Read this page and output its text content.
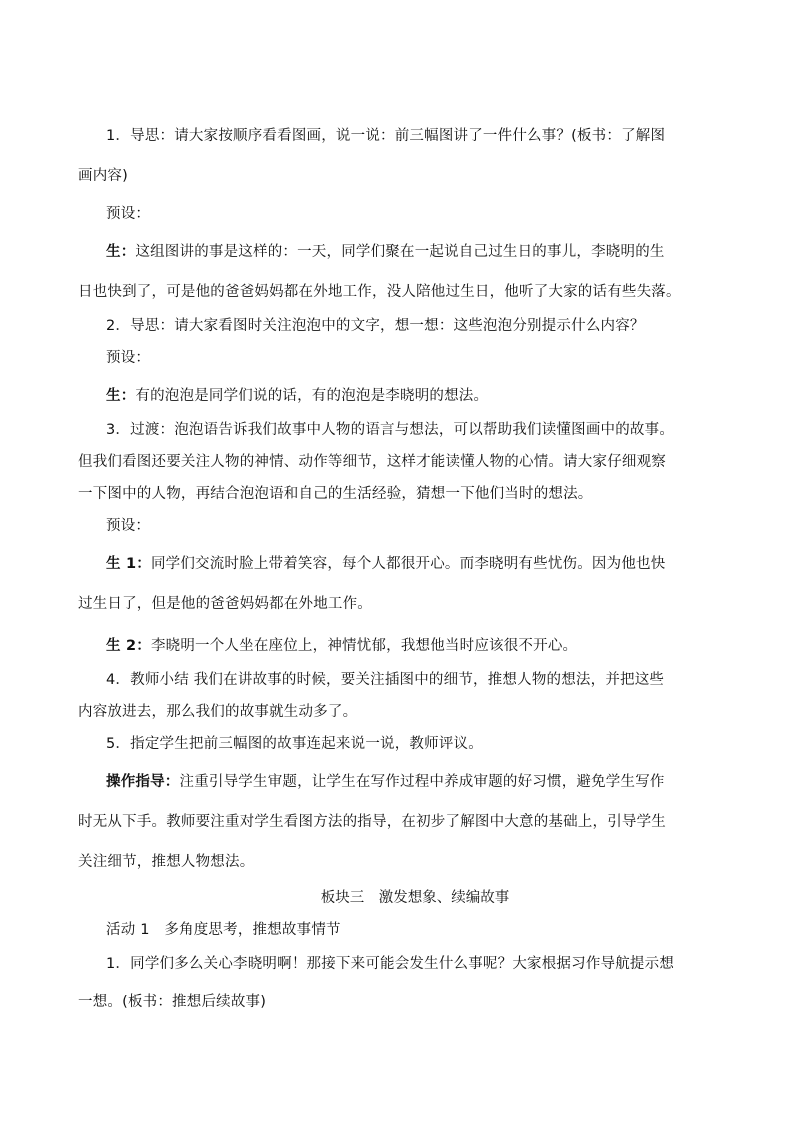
1．导思：请大家按顺序看看图画，说一说：前三幅图讲了一件什么事？(板书：了解图
画内容)
预设：
生：这组图讲的事是这样的：一天，同学们聚在一起说自己过生日的事儿，李晓明的生
日也快到了，可是他的爸爸妈妈都在外地工作，没人陪他过生日，他听了大家的话有些失落。
2．导思：请大家看图时关注泡泡中的文字，想一想：这些泡泡分别提示什么内容？
预设：
生：有的泡泡是同学们说的话，有的泡泡是李晓明的想法。
3．过渡：泡泡语告诉我们故事中人物的语言与想法，可以帮助我们读懂图画中的故事。
但我们看图还要关注人物的神情、动作等细节，这样才能读懂人物的心情。请大家仔细观察
一下图中的人物，再结合泡泡语和自己的生活经验，猜想一下他们当时的想法。
预设：
生 1：同学们交流时脸上带着笑容，每个人都很开心。而李晓明有些忧伤。因为他也快
过生日了，但是他的爸爸妈妈都在外地工作。
生 2：李晓明一个人坐在座位上，神情忧郁，我想他当时应该很不开心。
4．教师小结 我们在讲故事的时候，要关注插图中的细节，推想人物的想法，并把这些
内容放进去，那么我们的故事就生动多了。
5．指定学生把前三幅图的故事连起来说一说，教师评议。
操作指导：注重引导学生审题，让学生在写作过程中养成审题的好习惯，避免学生写作
时无从下手。教师要注重对学生看图方法的指导，在初步了解图中大意的基础上，引导学生
关注细节，推想人物想法。
板块三　激发想象、续编故事
活动 1　多角度思考，推想故事情节
1．同学们多么关心李晓明啊！那接下来可能会发生什么事呢？大家根据习作导航提示想
一想。(板书：推想后续故事)
